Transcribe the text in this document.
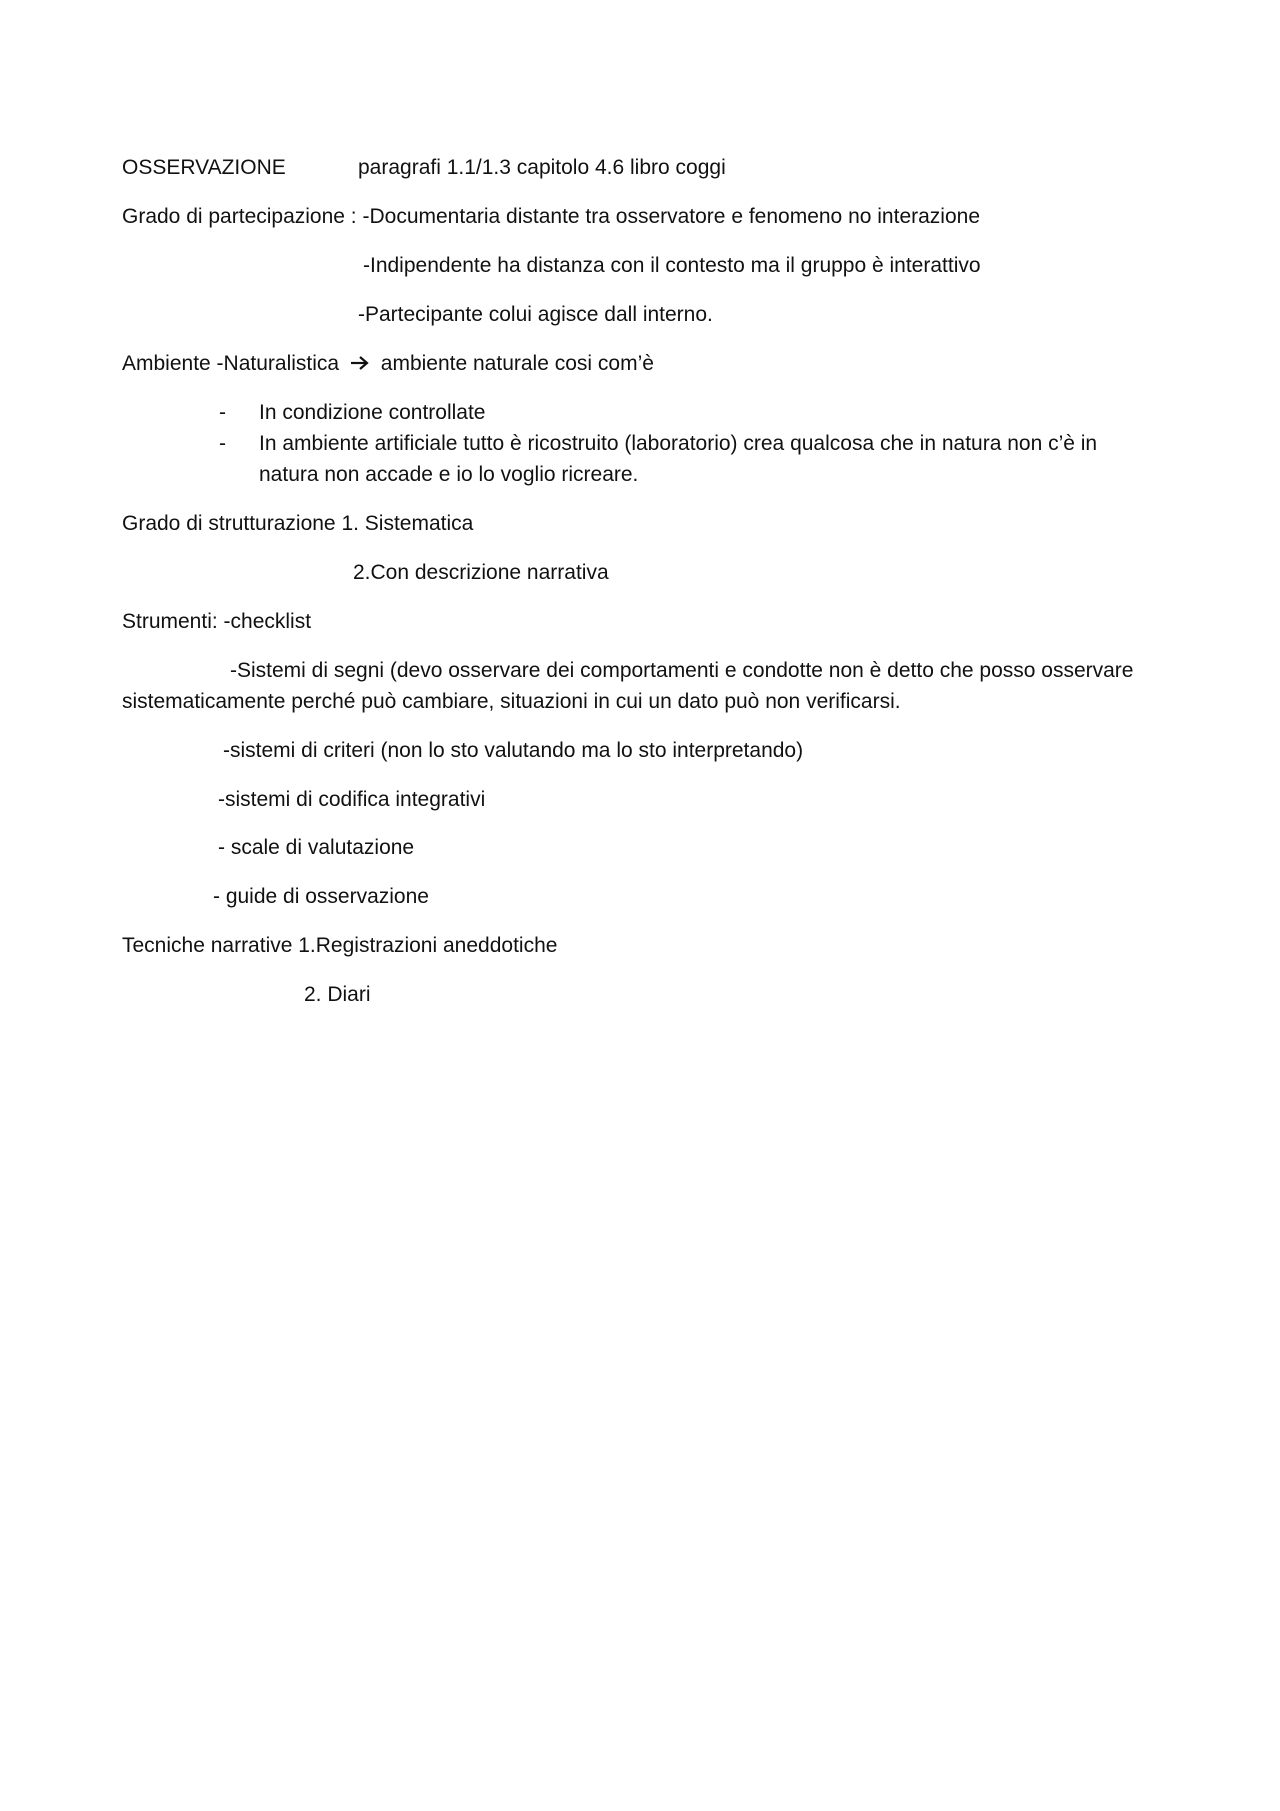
OSSERVAZIONE	paragrafi 1.1/1.3 capitolo 4.6 libro coggi
Grado di partecipazione : -Documentaria distante tra osservatore e fenomeno no interazione
-Indipendente ha distanza con il contesto ma il gruppo è interattivo
-Partecipante colui agisce dall interno.
Ambiente -Naturalistica ambiente naturale cosi com’è
- In condizione controllate
- In ambiente artificiale tutto è ricostruito (laboratorio) crea qualcosa che in natura non c’è in
natura non accade e io lo voglio ricreare.
Grado di strutturazione 1. Sistematica
2.Con descrizione narrativa
Strumenti: -checklist
-Sistemi di segni (devo osservare dei comportamenti e condotte non è detto che posso osservare
sistematicamente perché può cambiare, situazioni in cui un dato può non verificarsi.
-sistemi di criteri (non lo sto valutando ma lo sto interpretando)
-sistemi di codifica integrativi
- scale di valutazione
- guide di osservazione
Tecniche narrative 1.Registrazioni aneddotiche
2. Diari
